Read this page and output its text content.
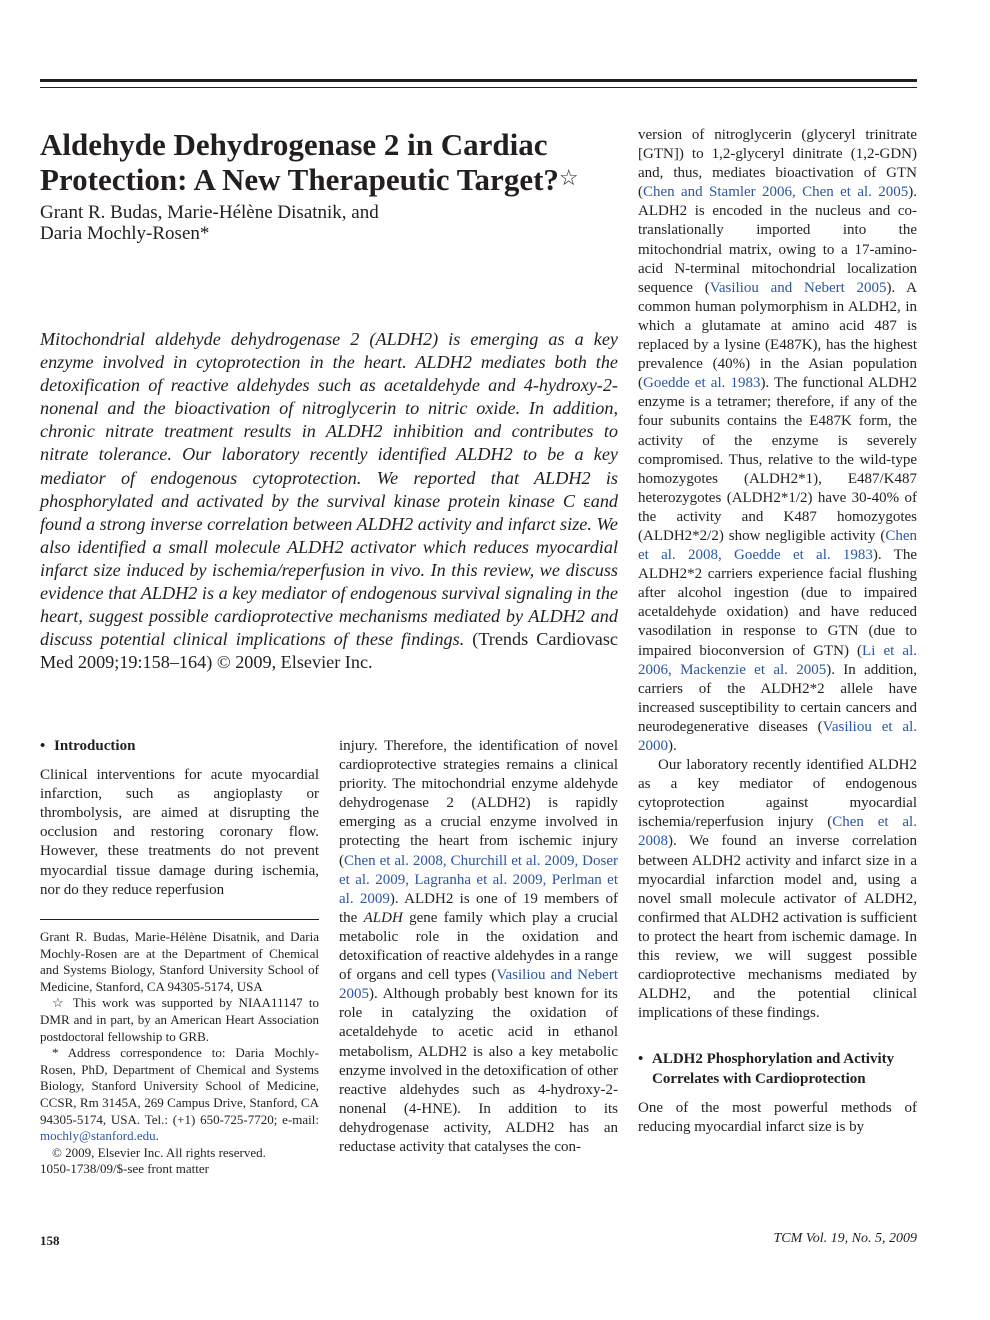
Aldehyde Dehydrogenase 2 in Cardiac Protection: A New Therapeutic Target?☆
Grant R. Budas, Marie-Hélène Disatnik, and
Daria Mochly-Rosen*

Mitochondrial aldehyde dehydrogenase 2 (ALDH2) is emerging as a key enzyme involved in cytoprotection in the heart. ALDH2 mediates both the detoxification of reactive aldehydes such as acetaldehyde and 4-hydroxy-2-nonenal and the bioactivation of nitroglycerin to nitric oxide. In addition, chronic nitrate treatment results in ALDH2 inhibition and contributes to nitrate tolerance. Our laboratory recently identified ALDH2 to be a key mediator of endogenous cytoprotection. We reported that ALDH2 is phosphorylated and activated by the survival kinase protein kinase C εand found a strong inverse correlation between ALDH2 activity and infarct size. We also identified a small molecule ALDH2 activator which reduces myocardial infarct size induced by ischemia/reperfusion in vivo. In this review, we discuss evidence that ALDH2 is a key mediator of endogenous survival signaling in the heart, suggest possible cardioprotective mechanisms mediated by ALDH2 and discuss potential clinical implications of these findings. (Trends Cardiovasc Med 2009;19:158–164) © 2009, Elsevier Inc.

• Introduction

Clinical interventions for acute myocardial infarction, such as angioplasty or thrombolysis, are aimed at disrupting the occlusion and restoring coronary flow. However, these treatments do not prevent myocardial tissue damage during ischemia, nor do they reduce reperfusion

Grant R. Budas, Marie-Hélène Disatnik, and Daria Mochly-Rosen are at the Department of Chemical and Systems Biology, Stanford University School of Medicine, Stanford, CA 94305-5174, USA

☆ This work was supported by NIAA11147 to DMR and in part, by an American Heart Association postdoctoral fellowship to GRB.

* Address correspondence to: Daria Mochly-Rosen, PhD, Department of Chemical and Systems Biology, Stanford University School of Medicine, CCSR, Rm 3145A, 269 Campus Drive, Stanford, CA 94305-5174, USA. Tel.: (+1) 650-725-7720; e-mail: mochly@stanford.edu.

© 2009, Elsevier Inc. All rights reserved.

1050-1738/09/$-see front matter

injury. Therefore, the identification of novel cardioprotective strategies remains a clinical priority. The mitochondrial enzyme aldehyde dehydrogenase 2 (ALDH2) is rapidly emerging as a crucial enzyme involved in protecting the heart from ischemic injury (Chen et al. 2008, Churchill et al. 2009, Doser et al. 2009, Lagranha et al. 2009, Perlman et al. 2009). ALDH2 is one of 19 members of the ALDH gene family which play a crucial metabolic role in the oxidation and detoxification of reactive aldehydes in a range of organs and cell types (Vasiliou and Nebert 2005). Although probably best known for its role in catalyzing the oxidation of acetaldehyde to acetic acid in ethanol metabolism, ALDH2 is also a key metabolic enzyme involved in the detoxification of other reactive aldehydes such as 4-hydroxy-2-nonenal (4-HNE). In addition to its dehydrogenase activity, ALDH2 has an reductase activity that catalyses the con-

version of nitroglycerin (glyceryl trinitrate [GTN]) to 1,2-glyceryl dinitrate (1,2-GDN) and, thus, mediates bioactivation of GTN (Chen and Stamler 2006, Chen et al. 2005). ALDH2 is encoded in the nucleus and co-translationally imported into the mitochondrial matrix, owing to a 17-amino-acid N-terminal mitochondrial localization sequence (Vasiliou and Nebert 2005). A common human polymorphism in ALDH2, in which a glutamate at amino acid 487 is replaced by a lysine (E487K), has the highest prevalence (40%) in the Asian population (Goedde et al. 1983). The functional ALDH2 enzyme is a tetramer; therefore, if any of the four subunits contains the E487K form, the activity of the enzyme is severely compromised. Thus, relative to the wild-type homozygotes (ALDH2*1), E487/K487 heterozygotes (ALDH2*1/2) have 30-40% of the activity and K487 homozygotes (ALDH2*2/2) show negligible activity (Chen et al. 2008, Goedde et al. 1983). The ALDH2*2 carriers experience facial flushing after alcohol ingestion (due to impaired acetaldehyde oxidation) and have reduced vasodilation in response to GTN (due to impaired bioconversion of GTN) (Li et al. 2006, Mackenzie et al. 2005). In addition, carriers of the ALDH2*2 allele have increased susceptibility to certain cancers and neurodegenerative diseases (Vasiliou et al. 2000).

Our laboratory recently identified ALDH2 as a key mediator of endogenous cytoprotection against myocardial ischemia/reperfusion injury (Chen et al. 2008). We found an inverse correlation between ALDH2 activity and infarct size in a myocardial infarction model and, using a novel small molecule activator of ALDH2, confirmed that ALDH2 activation is sufficient to protect the heart from ischemic damage. In this review, we will suggest possible cardioprotective mechanisms mediated by ALDH2, and the potential clinical implications of these findings.

• ALDH2 Phosphorylation and Activity Correlates with Cardioprotection

One of the most powerful methods of reducing myocardial infarct size is by

158	TCM Vol. 19, No. 5, 2009
